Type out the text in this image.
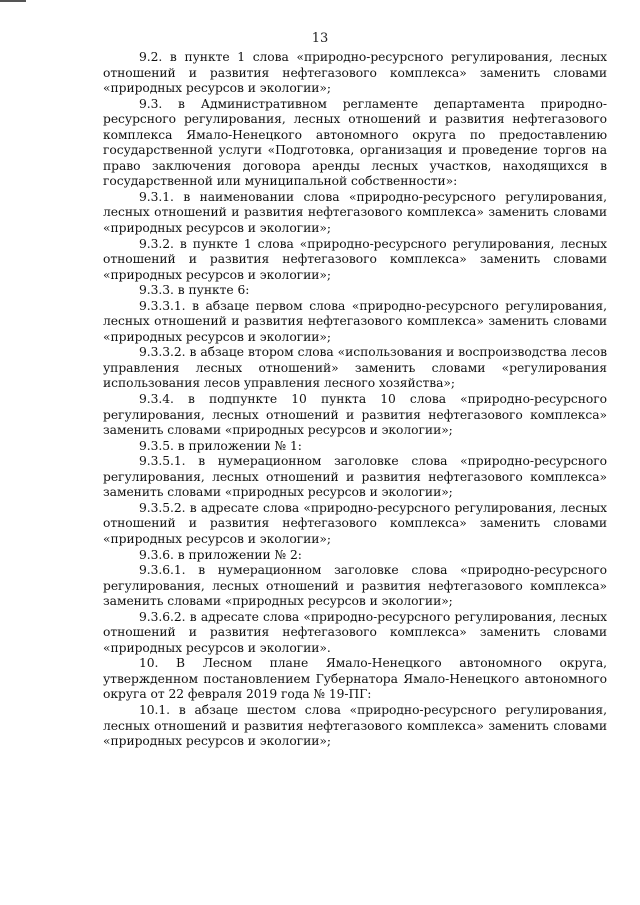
13

9.2. в пункте 1 слова «природно-ресурсного регулирования, лесных отношений и развития нефтегазового комплекса» заменить словами «природных ресурсов и экологии»;

9.3. в Административном регламенте департамента природно-ресурсного регулирования, лесных отношений и развития нефтегазового комплекса Ямало-Ненецкого автономного округа по предоставлению государственной услуги «Подготовка, организация и проведение торгов на право заключения договора аренды лесных участков, находящихся в государственной или муниципальной собственности»:

9.3.1. в наименовании слова «природно-ресурсного регулирования, лесных отношений и развития нефтегазового комплекса» заменить словами «природных ресурсов и экологии»;

9.3.2. в пункте 1 слова «природно-ресурсного регулирования, лесных отношений и развития нефтегазового комплекса» заменить словами «природных ресурсов и экологии»;

9.3.3. в пункте 6:

9.3.3.1. в абзаце первом слова «природно-ресурсного регулирования, лесных отношений и развития нефтегазового комплекса» заменить словами «природных ресурсов и экологии»;

9.3.3.2. в абзаце втором слова «использования и воспроизводства лесов управления лесных отношений» заменить словами «регулирования использования лесов управления лесного хозяйства»;

9.3.4. в подпункте 10 пункта 10 слова «природно-ресурсного регулирования, лесных отношений и развития нефтегазового комплекса» заменить словами «природных ресурсов и экологии»;

9.3.5. в приложении № 1:

9.3.5.1. в нумерационном заголовке слова «природно-ресурсного регулирования, лесных отношений и развития нефтегазового комплекса» заменить словами «природных ресурсов и экологии»;

9.3.5.2. в адресате слова «природно-ресурсного регулирования, лесных отношений и развития нефтегазового комплекса» заменить словами «природных ресурсов и экологии»;

9.3.6. в приложении № 2:

9.3.6.1. в нумерационном заголовке слова «природно-ресурсного регулирования, лесных отношений и развития нефтегазового комплекса» заменить словами «природных ресурсов и экологии»;

9.3.6.2. в адресате слова «природно-ресурсного регулирования, лесных отношений и развития нефтегазового комплекса» заменить словами «природных ресурсов и экологии».

10. В Лесном плане Ямало-Ненецкого автономного округа, утвержденном постановлением Губернатора Ямало-Ненецкого автономного округа от 22 февраля 2019 года № 19-ПГ:

10.1. в абзаце шестом слова «природно-ресурсного регулирования, лесных отношений и развития нефтегазового комплекса» заменить словами «природных ресурсов и экологии»;
